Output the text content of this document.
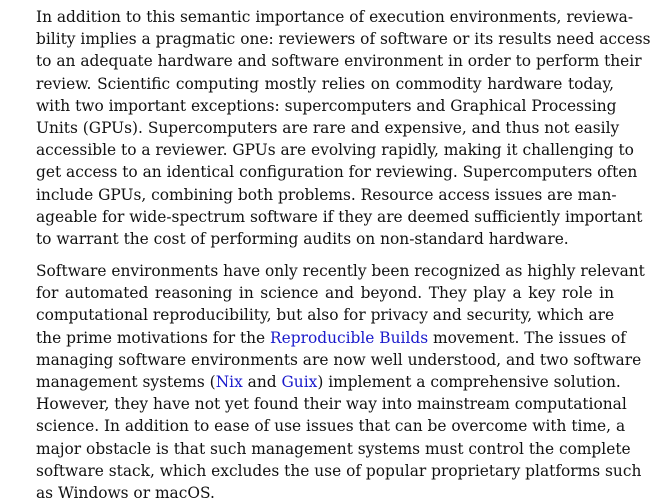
In addition to this semantic importance of execution environments, reviewa-
bility implies a pragmatic one: reviewers of software or its results need access
to an adequate hardware and software environment in order to perform their
review. Scientific computing mostly relies on commodity hardware today,
with two important exceptions: supercomputers and Graphical Processing
Units (GPUs). Supercomputers are rare and expensive, and thus not easily
accessible to a reviewer. GPUs are evolving rapidly, making it challenging to
get access to an identical configuration for reviewing. Supercomputers often
include GPUs, combining both problems. Resource access issues are man-
ageable for wide-spectrum software if they are deemed sufficiently important
to warrant the cost of performing audits on non-standard hardware.

Software environments have only recently been recognized as highly relevant
for automated reasoning in science and beyond. They play a key role in
computational reproducibility, but also for privacy and security, which are
the prime motivations for the Reproducible Builds movement. The issues of
managing software environments are now well understood, and two software
management systems (Nix and Guix) implement a comprehensive solution.
However, they have not yet found their way into mainstream computational
science. In addition to ease of use issues that can be overcome with time, a
major obstacle is that such management systems must control the complete
software stack, which excludes the use of popular proprietary platforms such
as Windows or macOS.
